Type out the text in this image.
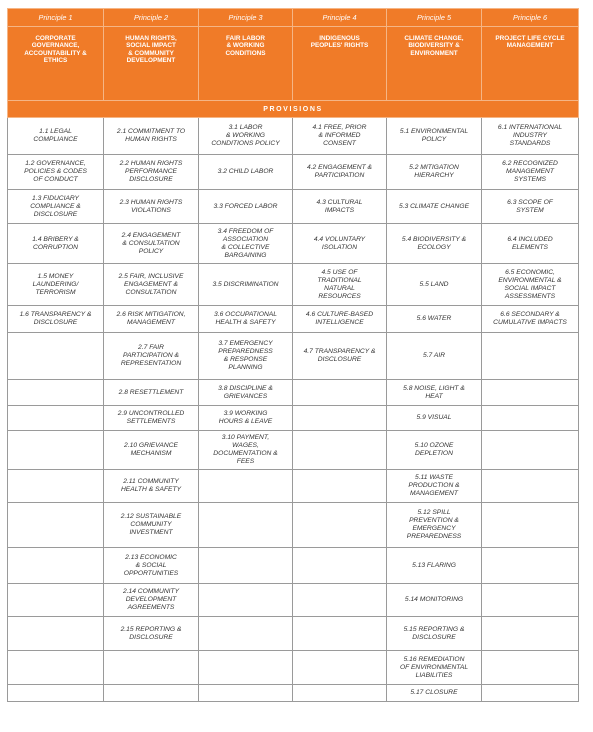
Principle 1	Principle 2	Principle 3	Principle 4	Principle 5	Principle 6
CORPORATE
GOVERNANCE,
ACCOUNTABILITY &
ETHICS	HUMAN RIGHTS,
SOCIAL IMPACT
& COMMUNITY
DEVELOPMENT	FAIR LABOR
& WORKING
CONDITIONS	INDIGENOUS
PEOPLES' RIGHTS	CLIMATE CHANGE,
BIODIVERSITY &
ENVIRONMENT	PROJECT LIFE CYCLE
MANAGEMENT
PROVISIONS					
1.1 LEGAL
COMPLIANCE	2.1 COMMITMENT TO
HUMAN RIGHTS	3.1 LABOR
& WORKING
CONDITIONS POLICY	4.1 FREE, PRIOR
& INFORMED
CONSENT	5.1 ENVIRONMENTAL
POLICY	6.1 INTERNATIONAL
INDUSTRY
STANDARDS
1.2 GOVERNANCE,
POLICIES & CODES
OF CONDUCT	2.2 HUMAN RIGHTS
PERFORMANCE
DISCLOSURE	3.2 CHILD LABOR	4.2 ENGAGEMENT &
PARTICIPATION	5.2 MITIGATION
HIERARCHY	6.2 RECOGNIZED
MANAGEMENT
SYSTEMS
1.3 FIDUCIARY
COMPLIANCE &
DISCLOSURE	2.3 HUMAN RIGHTS
VIOLATIONS	3.3 FORCED LABOR	4.3 CULTURAL
IMPACTS	5.3 CLIMATE CHANGE	6.3 SCOPE OF
SYSTEM
1.4 BRIBERY &
CORRUPTION	2.4 ENGAGEMENT
& CONSULTATION
POLICY	3.4 FREEDOM OF
ASSOCIATION
& COLLECTIVE
BARGAINING	4.4 VOLUNTARY
ISOLATION	5.4 BIODIVERSITY &
ECOLOGY	6.4 INCLUDED
ELEMENTS
1.5 MONEY
LAUNDERING/
TERRORISM	2.5 FAIR, INCLUSIVE
ENGAGEMENT &
CONSULTATION	3.5 DISCRIMINATION	4.5 USE OF
TRADITIONAL
NATURAL
RESOURCES	5.5 LAND	6.5 ECONOMIC,
ENVIRONMENTAL &
SOCIAL IMPACT
ASSESSMENTS
1.6 TRANSPARENCY &
DISCLOSURE	2.6 RISK MITIGATION,
MANAGEMENT	3.6 OCCUPATIONAL
HEALTH & SAFETY	4.6 CULTURE-BASED
INTELLIGENCE	5.6 WATER	6.6 SECONDARY &
CUMULATIVE IMPACTS
	2.7 FAIR
PARTICIPATION &
REPRESENTATION	3.7 EMERGENCY
PREPAREDNESS
& RESPONSE
PLANNING	4.7 TRANSPARENCY &
DISCLOSURE	5.7 AIR	
	2.8 RESETTLEMENT	3.8 DISCIPLINE &
GRIEVANCES		5.8 NOISE, LIGHT &
HEAT	
	2.9 UNCONTROLLED
SETTLEMENTS	3.9 WORKING
HOURS & LEAVE		5.9 VISUAL	
	2.10 GRIEVANCE
MECHANISM	3.10 PAYMENT,
WAGES,
DOCUMENTATION &
FEES		5.10 OZONE
DEPLETION	
	2.11 COMMUNITY
HEALTH & SAFETY			5.11 WASTE
PRODUCTION &
MANAGEMENT	
	2.12 SUSTAINABLE
COMMUNITY
INVESTMENT			5.12 SPILL
PREVENTION &
EMERGENCY
PREPAREDNESS	
	2.13 ECONOMIC
& SOCIAL
OPPORTUNITIES			5.13 FLARING	
	2.14 COMMUNITY
DEVELOPMENT
AGREEMENTS			5.14 MONITORING	
	2.15 REPORTING &
DISCLOSURE			5.15 REPORTING &
DISCLOSURE	
				5.16 REMEDIATION
OF ENVIRONMENTAL
LIABILITIES	
				5.17 CLOSURE	
